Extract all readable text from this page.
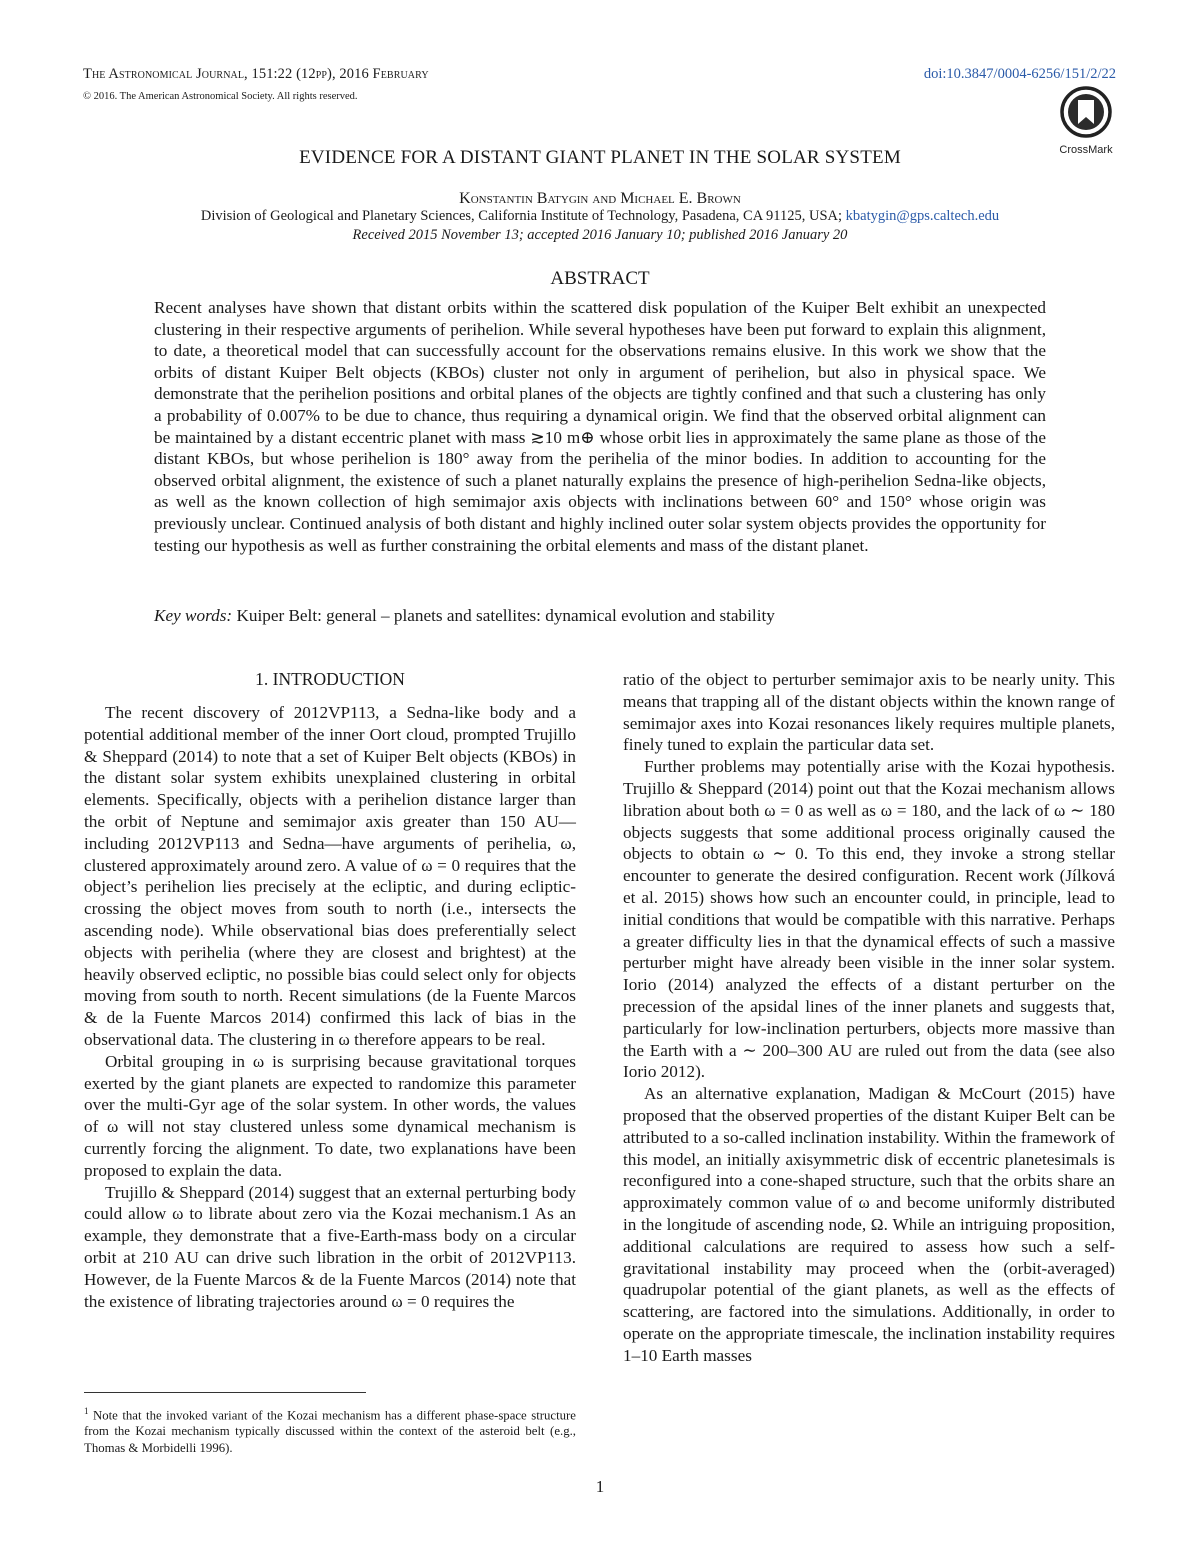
The Astronomical Journal, 151:22 (12pp), 2016 February
© 2016. The American Astronomical Society. All rights reserved.
doi:10.3847/0004-6256/151/2/22
CrossMark
EVIDENCE FOR A DISTANT GIANT PLANET IN THE SOLAR SYSTEM
Konstantin Batygin and Michael E. Brown
Division of Geological and Planetary Sciences, California Institute of Technology, Pasadena, CA 91125, USA; kbatygin@gps.caltech.edu
Received 2015 November 13; accepted 2016 January 10; published 2016 January 20
ABSTRACT
Recent analyses have shown that distant orbits within the scattered disk population of the Kuiper Belt exhibit an unexpected clustering in their respective arguments of perihelion. While several hypotheses have been put forward to explain this alignment, to date, a theoretical model that can successfully account for the observations remains elusive. In this work we show that the orbits of distant Kuiper Belt objects (KBOs) cluster not only in argument of perihelion, but also in physical space. We demonstrate that the perihelion positions and orbital planes of the objects are tightly confined and that such a clustering has only a probability of 0.007% to be due to chance, thus requiring a dynamical origin. We find that the observed orbital alignment can be maintained by a distant eccentric planet with mass ≳10 m⊕ whose orbit lies in approximately the same plane as those of the distant KBOs, but whose perihelion is 180° away from the perihelia of the minor bodies. In addition to accounting for the observed orbital alignment, the existence of such a planet naturally explains the presence of high-perihelion Sedna-like objects, as well as the known collection of high semimajor axis objects with inclinations between 60° and 150° whose origin was previously unclear. Continued analysis of both distant and highly inclined outer solar system objects provides the opportunity for testing our hypothesis as well as further constraining the orbital elements and mass of the distant planet.
Key words: Kuiper Belt: general – planets and satellites: dynamical evolution and stability
1. INTRODUCTION

The recent discovery of 2012VP113, a Sedna-like body and a potential additional member of the inner Oort cloud, prompted Trujillo & Sheppard (2014) to note that a set of Kuiper Belt objects (KBOs) in the distant solar system exhibits unexplained clustering in orbital elements. Specifically, objects with a perihelion distance larger than the orbit of Neptune and semimajor axis greater than 150 AU—including 2012VP113 and Sedna—have arguments of perihelia, ω, clustered approximately around zero. A value of ω = 0 requires that the object’s perihelion lies precisely at the ecliptic, and during ecliptic-crossing the object moves from south to north (i.e., intersects the ascending node). While observational bias does preferentially select objects with perihelia (where they are closest and brightest) at the heavily observed ecliptic, no possible bias could select only for objects moving from south to north. Recent simulations (de la Fuente Marcos & de la Fuente Marcos 2014) confirmed this lack of bias in the observational data. The clustering in ω therefore appears to be real.

Orbital grouping in ω is surprising because gravitational torques exerted by the giant planets are expected to randomize this parameter over the multi-Gyr age of the solar system. In other words, the values of ω will not stay clustered unless some dynamical mechanism is currently forcing the alignment. To date, two explanations have been proposed to explain the data.

Trujillo & Sheppard (2014) suggest that an external perturbing body could allow ω to librate about zero via the Kozai mechanism.1 As an example, they demonstrate that a five-Earth-mass body on a circular orbit at 210 AU can drive such libration in the orbit of 2012VP113. However, de la Fuente Marcos & de la Fuente Marcos (2014) note that the existence of librating trajectories around ω = 0 requires the

ratio of the object to perturber semimajor axis to be nearly unity. This means that trapping all of the distant objects within the known range of semimajor axes into Kozai resonances likely requires multiple planets, finely tuned to explain the particular data set.

Further problems may potentially arise with the Kozai hypothesis. Trujillo & Sheppard (2014) point out that the Kozai mechanism allows libration about both ω = 0 as well as ω = 180, and the lack of ω ∼ 180 objects suggests that some additional process originally caused the objects to obtain ω ∼ 0. To this end, they invoke a strong stellar encounter to generate the desired configuration. Recent work (Jílková et al. 2015) shows how such an encounter could, in principle, lead to initial conditions that would be compatible with this narrative. Perhaps a greater difficulty lies in that the dynamical effects of such a massive perturber might have already been visible in the inner solar system. Iorio (2014) analyzed the effects of a distant perturber on the precession of the apsidal lines of the inner planets and suggests that, particularly for low-inclination perturbers, objects more massive than the Earth with a ∼ 200–300 AU are ruled out from the data (see also Iorio 2012).

As an alternative explanation, Madigan & McCourt (2015) have proposed that the observed properties of the distant Kuiper Belt can be attributed to a so-called inclination instability. Within the framework of this model, an initially axisymmetric disk of eccentric planetesimals is reconfigured into a cone-shaped structure, such that the orbits share an approximately common value of ω and become uniformly distributed in the longitude of ascending node, Ω. While an intriguing proposition, additional calculations are required to assess how such a self-gravitational instability may proceed when the (orbit-averaged) quadrupolar potential of the giant planets, as well as the effects of scattering, are factored into the simulations. Additionally, in order to operate on the appropriate timescale, the inclination instability requires 1–10 Earth masses

$^1$ Note that the invoked variant of the Kozai mechanism has a different phase-space structure from the Kozai mechanism typically discussed within the context of the asteroid belt (e.g., Thomas & Morbidelli 1996).
1
